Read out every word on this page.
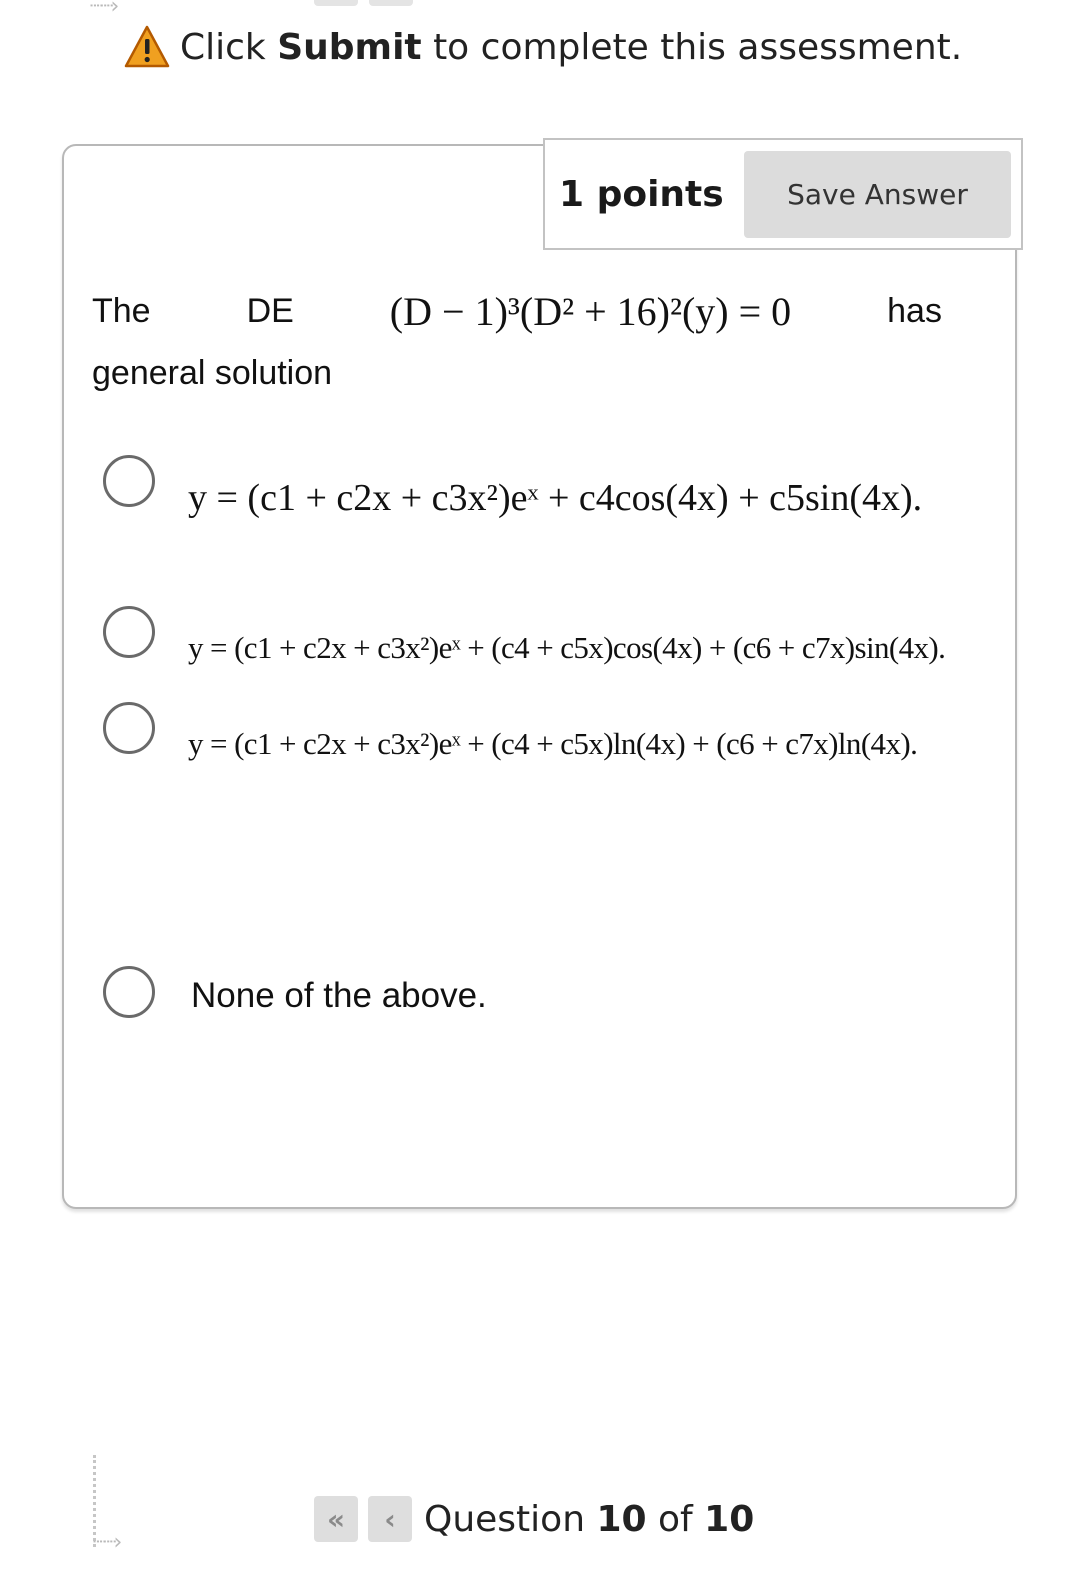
┈┈›
Click Submit to complete this assessment.
1 points	Save Answer
The	DE (D − 1)³(D² + 16)²(y) = 0	has
general solution
y = (c1 + c2x + c3x²)eˣ + c4cos(4x) + c5sin(4x).
y = (c1 + c2x + c3x²)eˣ + (c4 + c5x)cos(4x) + (c6 + c7x)sin(4x).
y = (c1 + c2x + c3x²)eˣ + (c4 + c5x)ln(4x) + (c6 + c7x)ln(4x).
None of the above.
┈┈›
« ‹ Question 10 of 10
